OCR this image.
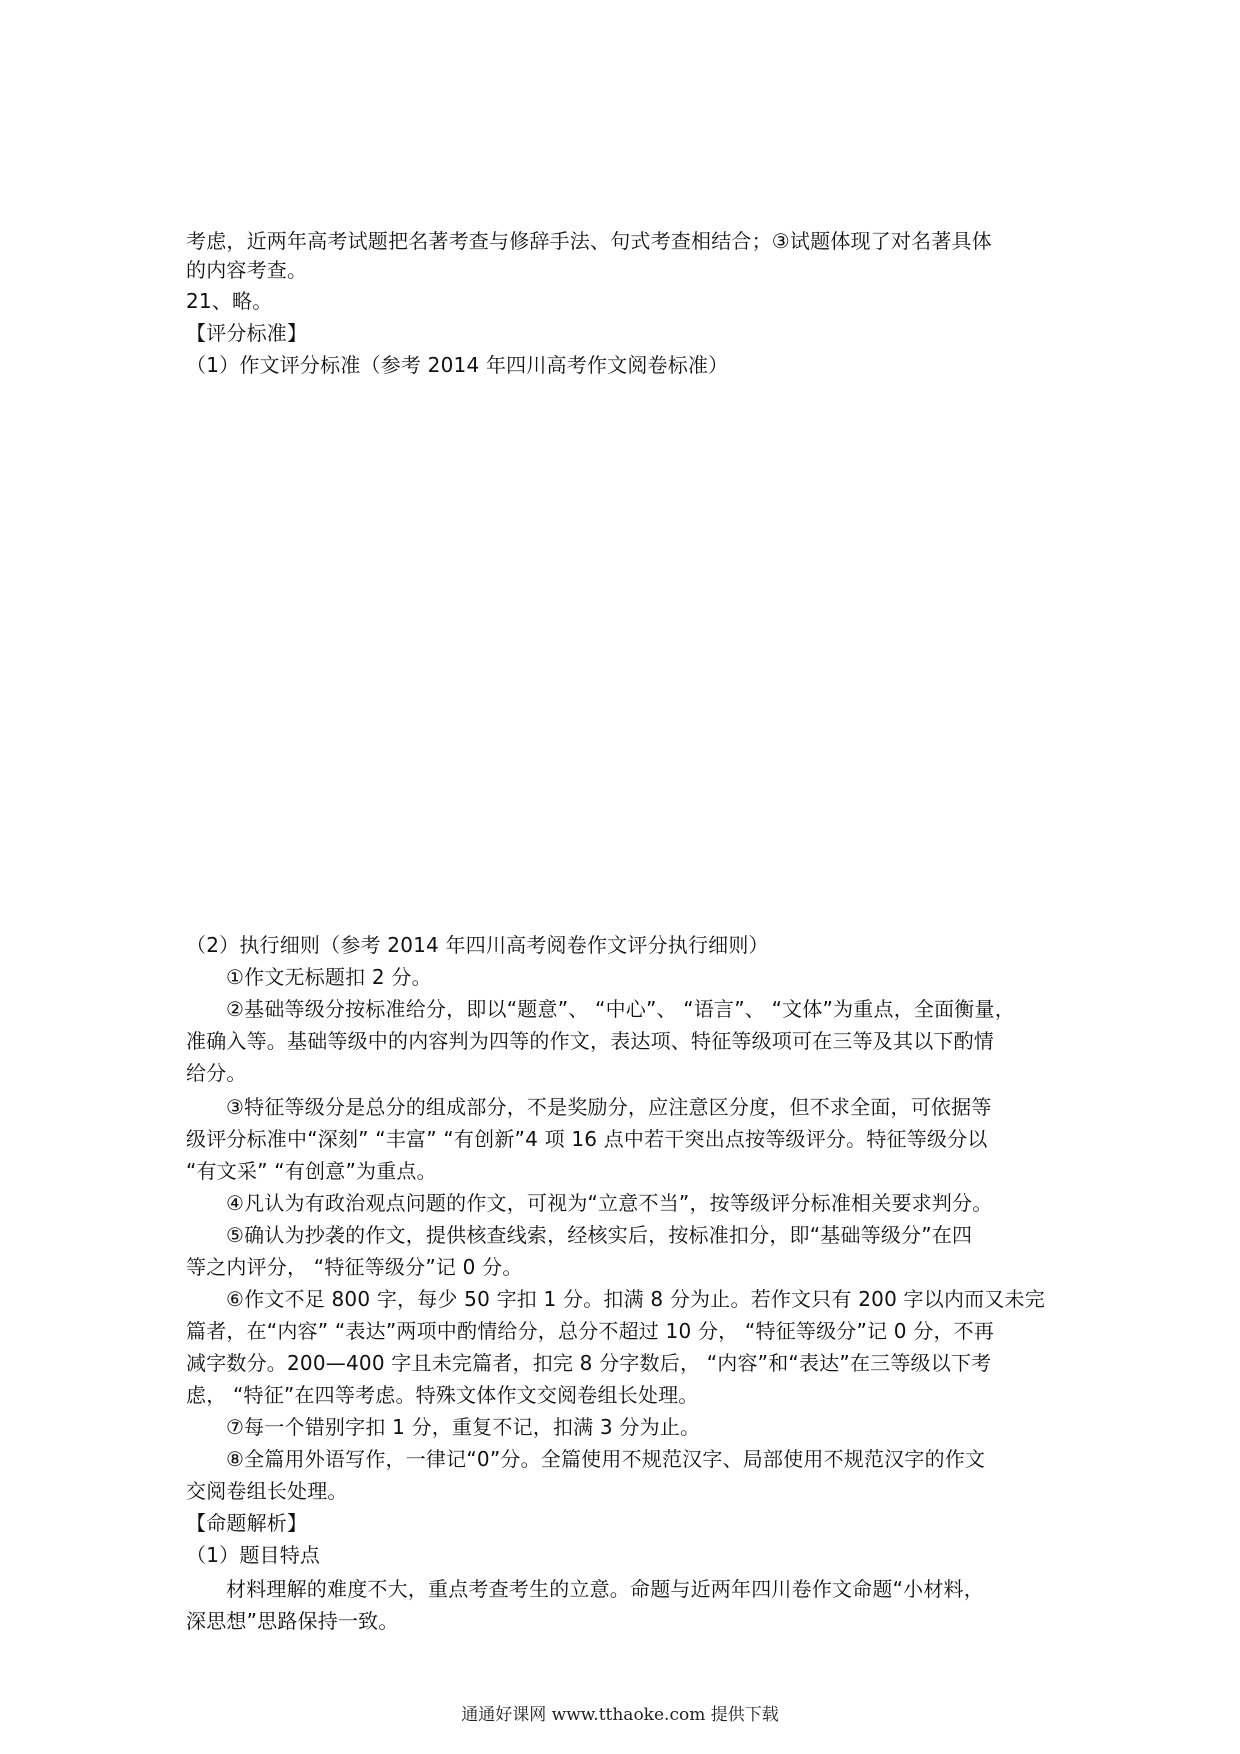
考虑，近两年高考试题把名著考查与修辞手法、句式考查相结合；③试题体现了对名著具体
的内容考查。
21、略。
【评分标准】
（1）作文评分标准（参考 2014 年四川高考作文阅卷标准）
（2）执行细则（参考 2014 年四川高考阅卷作文评分执行细则）
①作文无标题扣 2 分。
②基础等级分按标准给分，即以“题意”、 “中心”、 “语言”、 “文体”为重点，全面衡量，
准确入等。基础等级中的内容判为四等的作文，表达项、特征等级项可在三等及其以下酌情
给分。
③特征等级分是总分的组成部分，不是奖励分，应注意区分度，但不求全面，可依据等
级评分标准中“深刻” “丰富” “有创新”4 项 16 点中若干突出点按等级评分。特征等级分以
“有文采” “有创意”为重点。
④凡认为有政治观点问题的作文，可视为“立意不当”，按等级评分标准相关要求判分。
⑤确认为抄袭的作文，提供核查线索，经核实后，按标准扣分，即“基础等级分”在四
等之内评分， “特征等级分”记 0 分。
⑥作文不足 800 字，每少 50 字扣 1 分。扣满 8 分为止。若作文只有 200 字以内而又未完
篇者，在“内容” “表达”两项中酌情给分，总分不超过 10 分， “特征等级分”记 0 分，不再
减字数分。200—400 字且未完篇者，扣完 8 分字数后， “内容”和“表达”在三等级以下考
虑， “特征”在四等考虑。特殊文体作文交阅卷组长处理。
⑦每一个错别字扣 1 分，重复不记，扣满 3 分为止。
⑧全篇用外语写作，一律记“0”分。全篇使用不规范汉字、局部使用不规范汉字的作文
交阅卷组长处理。
【命题解析】
（1）题目特点
材料理解的难度不大，重点考查考生的立意。命题与近两年四川卷作文命题“小材料，
深思想”思路保持一致。
通通好课网 www.tthaoke.com 提供下载
